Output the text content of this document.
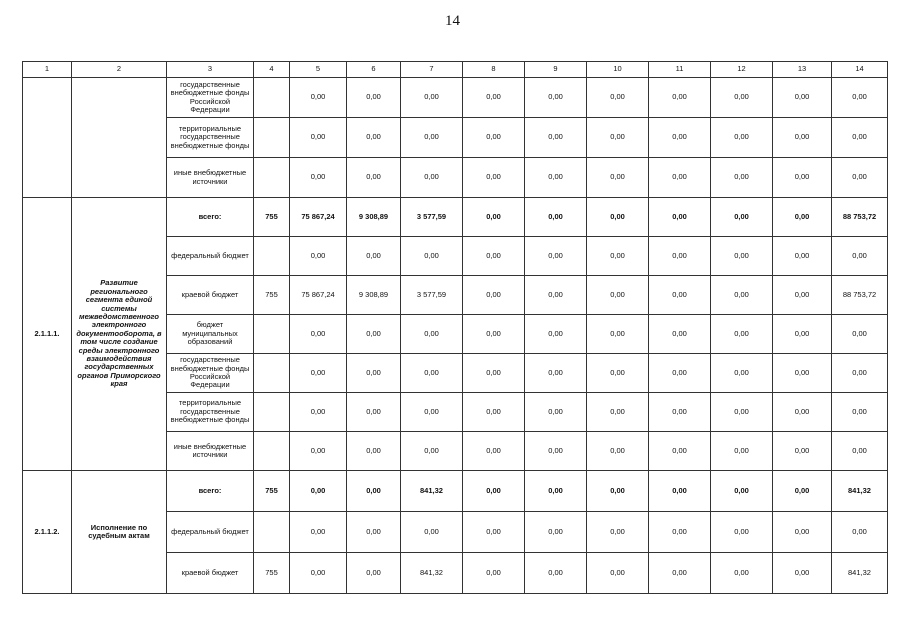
14
1	2	3	4	5	6	7	8	9	10	11	12	13	14
		государственные внебюджетные фонды Российской Федерации		0,00	0,00	0,00	0,00	0,00	0,00	0,00	0,00	0,00	0,00
		территориальные государственные внебюджетные фонды		0,00	0,00	0,00	0,00	0,00	0,00	0,00	0,00	0,00	0,00
		иные внебюджетные источники		0,00	0,00	0,00	0,00	0,00	0,00	0,00	0,00	0,00	0,00
2.1.1.1.	Развитие регионального сегмента единой системы межведомственного электронного документооборота, в том числе создание среды электронного взаимодействия государственных органов Приморского края	всего:	755	75 867,24	9 308,89	3 577,59	0,00	0,00	0,00	0,00	0,00	0,00	88 753,72
		федеральный бюджет		0,00	0,00	0,00	0,00	0,00	0,00	0,00	0,00	0,00	0,00
		краевой бюджет	755	75 867,24	9 308,89	3 577,59	0,00	0,00	0,00	0,00	0,00	0,00	88 753,72
		бюджет муниципальных образований		0,00	0,00	0,00	0,00	0,00	0,00	0,00	0,00	0,00	0,00
		государственные внебюджетные фонды Российской Федерации		0,00	0,00	0,00	0,00	0,00	0,00	0,00	0,00	0,00	0,00
		территориальные государственные внебюджетные фонды		0,00	0,00	0,00	0,00	0,00	0,00	0,00	0,00	0,00	0,00
		иные внебюджетные источники		0,00	0,00	0,00	0,00	0,00	0,00	0,00	0,00	0,00	0,00
2.1.1.2.	Исполнение по судебным актам	всего:	755	0,00	0,00	841,32	0,00	0,00	0,00	0,00	0,00	0,00	841,32
		федеральный бюджет		0,00	0,00	0,00	0,00	0,00	0,00	0,00	0,00	0,00	0,00
		краевой бюджет	755	0,00	0,00	841,32	0,00	0,00	0,00	0,00	0,00	0,00	841,32
